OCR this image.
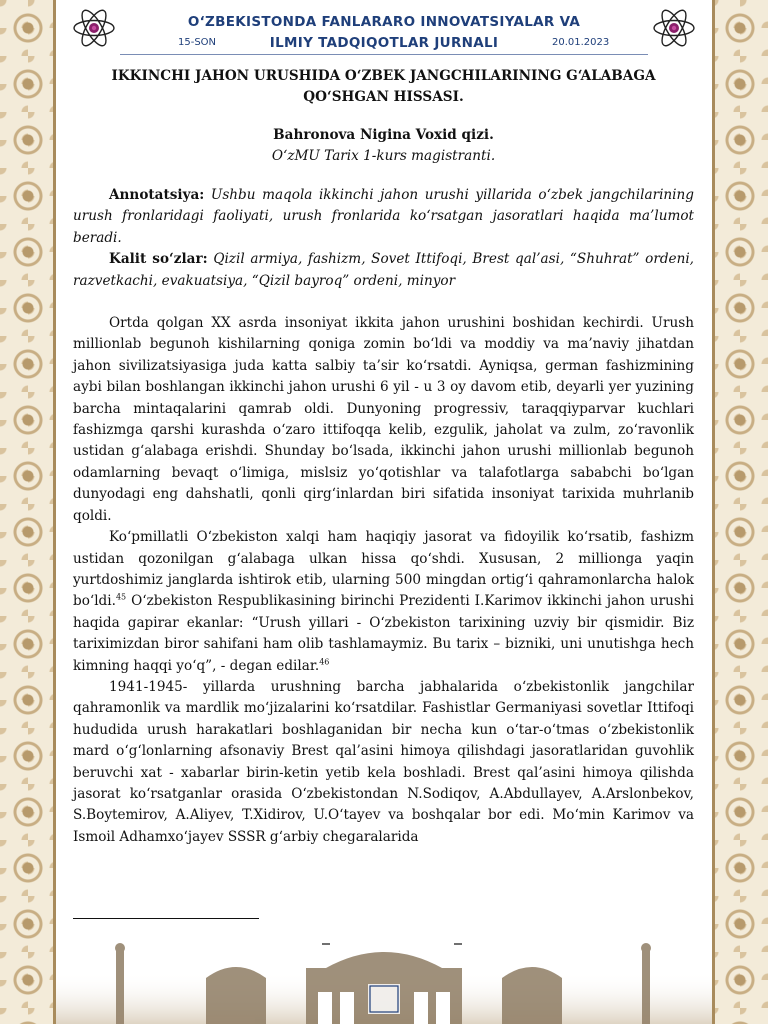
O‘ZBEKISTONDA FANLARARO INNOVATSIYALAR VA
ILMIY TADQIQOTLAR JURNALI
15-SON	20.01.2023

IKKINCHI JAHON URUSHIDA O‘ZBEK JANGCHILARINING G‘ALABAGA QO‘SHGAN HISSASI.

Bahronova Nigina Voxid qizi.

O‘zMU Tarix 1-kurs magistranti.

Annotatsiya: Ushbu maqola ikkinchi jahon urushi yillarida o‘zbek jangchilarining urush fronlaridagi faoliyati, urush fronlarida ko‘rsatgan jasoratlari haqida ma’lumot beradi.

Kalit so‘zlar: Qizil armiya, fashizm, Sovet Ittifoqi, Brest qal’asi, “Shuhrat” ordeni, razvetkachi, evakuatsiya, “Qizil bayroq” ordeni, minyor

Ortda qolgan XX asrda insoniyat ikkita jahon urushini boshidan kechirdi. Urush millionlab begunoh kishilarning qoniga zomin bo‘ldi va moddiy va ma’naviy jihatdan jahon sivilizatsiyasiga juda katta salbiy ta’sir ko‘rsatdi. Ayniqsa, german fashizmining aybi bilan boshlangan ikkinchi jahon urushi 6 yil - u 3 oy davom etib, deyarli yer yuzining barcha mintaqalarini qamrab oldi. Dunyoning progressiv, taraqqiyparvar kuchlari fashizmga qarshi kurashda o‘zaro ittifoqqa kelib, ezgulik, jaholat va zulm, zo‘ravonlik ustidan g‘alabaga erishdi. Shunday bo‘lsada, ikkinchi jahon urushi millionlab begunoh odamlarning bevaqt o‘limiga, mislsiz yo‘qotishlar va talafotlarga sababchi bo‘lgan dunyodagi eng dahshatli, qonli qirg‘inlardan biri sifatida insoniyat tarixida muhrlanib qoldi.

Ko‘pmillatli O‘zbekiston xalqi ham haqiqiy jasorat va fidoyilik ko‘rsatib, fashizm ustidan qozonilgan g‘alabaga ulkan hissa qo‘shdi. Xususan, 2 millionga yaqin yurtdoshimiz janglarda ishtirok etib, ularning 500 mingdan ortig‘i qahramonlarcha halok bo‘ldi.$^{45}$ O‘zbekiston Respublikasining birinchi Prezidenti I.Karimov ikkinchi jahon urushi haqida gapirar ekanlar: “Urush yillari - O‘zbekiston tarixining uzviy bir qismidir. Biz tariximizdan biror sahifani ham olib tashlamaymiz. Bu tarix – bizniki, uni unutishga hech kimning haqqi yo‘q”, - degan edilar.$^{46}$

1941-1945- yillarda urushning barcha jabhalarida o‘zbekistonlik jangchilar qahramonlik va mardlik mo‘jizalarini ko‘rsatdilar. Fashistlar Germaniyasi sovetlar Ittifoqi hududida urush harakatlari boshlaganidan bir necha kun o‘tar-o‘tmas o‘zbekistonlik mard o‘g‘lonlarning afsonaviy Brest qal’asini himoya qilishdagi jasoratlaridan guvohlik beruvchi xat - xabarlar birin-ketin yetib kela boshladi. Brest qal’asini himoya qilishda jasorat ko‘rsatganlar orasida O‘zbekistondan N.Sodiqov, A.Abdullayev, A.Arslonbekov, S.Boytemirov, A.Aliyev, T.Xidirov, U.O‘tayev va boshqalar bor edi. Mo‘min Karimov va Ismoil Adhamxo‘jayev SSSR g‘arbiy chegaralarida
